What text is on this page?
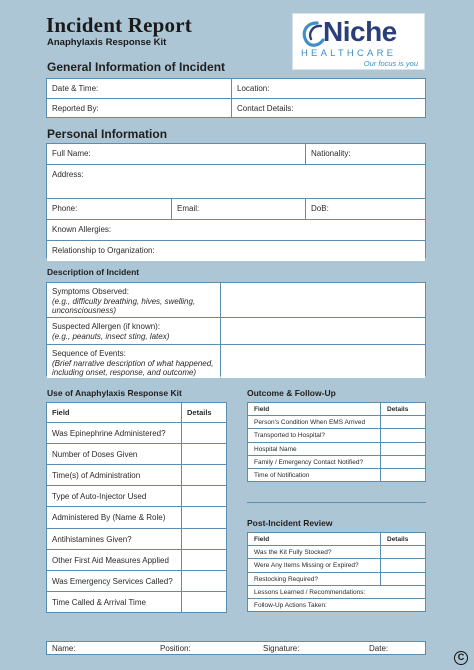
Incident Report
Anaphylaxis Response Kit	Niche
HEALTHCARE
Our focus is you
General Information of Incident
Date & Time:	Location:
Reported By:	Contact Details:
Personal Information
Full Name:	Nationality:
Address:
Phone:	Email:	DoB:
Known Allergies:
Relationship to Organization:
Description of Incident
Symptoms Observed:
(e.g., difficulty breathing, hives, swelling, unconsciousness)
Suspected Allergen (if known):
(e.g., peanuts, insect sting, latex)
Sequence of Events:
(Brief narrative description of what happened, including onset, response, and outcome)
Use of Anaphylaxis Response Kit
Field	Details
Was Epinephrine Administered?
Number of Doses Given
Time(s) of Administration
Type of Auto-Injector Used
Administered By (Name & Role)
Antihistamines Given?
Other First Aid Measures Applied
Was Emergency Services Called?
Time Called & Arrival Time
Outcome & Follow-Up
Field	Details
Person's Condition When EMS Arrived
Transported to Hospital?
Hospital Name
Family / Emergency Contact Notified?
Time of Notification
Post-Incident Review
Field	Details
Was the Kit Fully Stocked?
Were Any Items Missing or Expired?
Restocking Required?
Lessons Learned / Recommendations:
Follow-Up Actions Taken:
Name:	Position:	Signature:	Date:
C
